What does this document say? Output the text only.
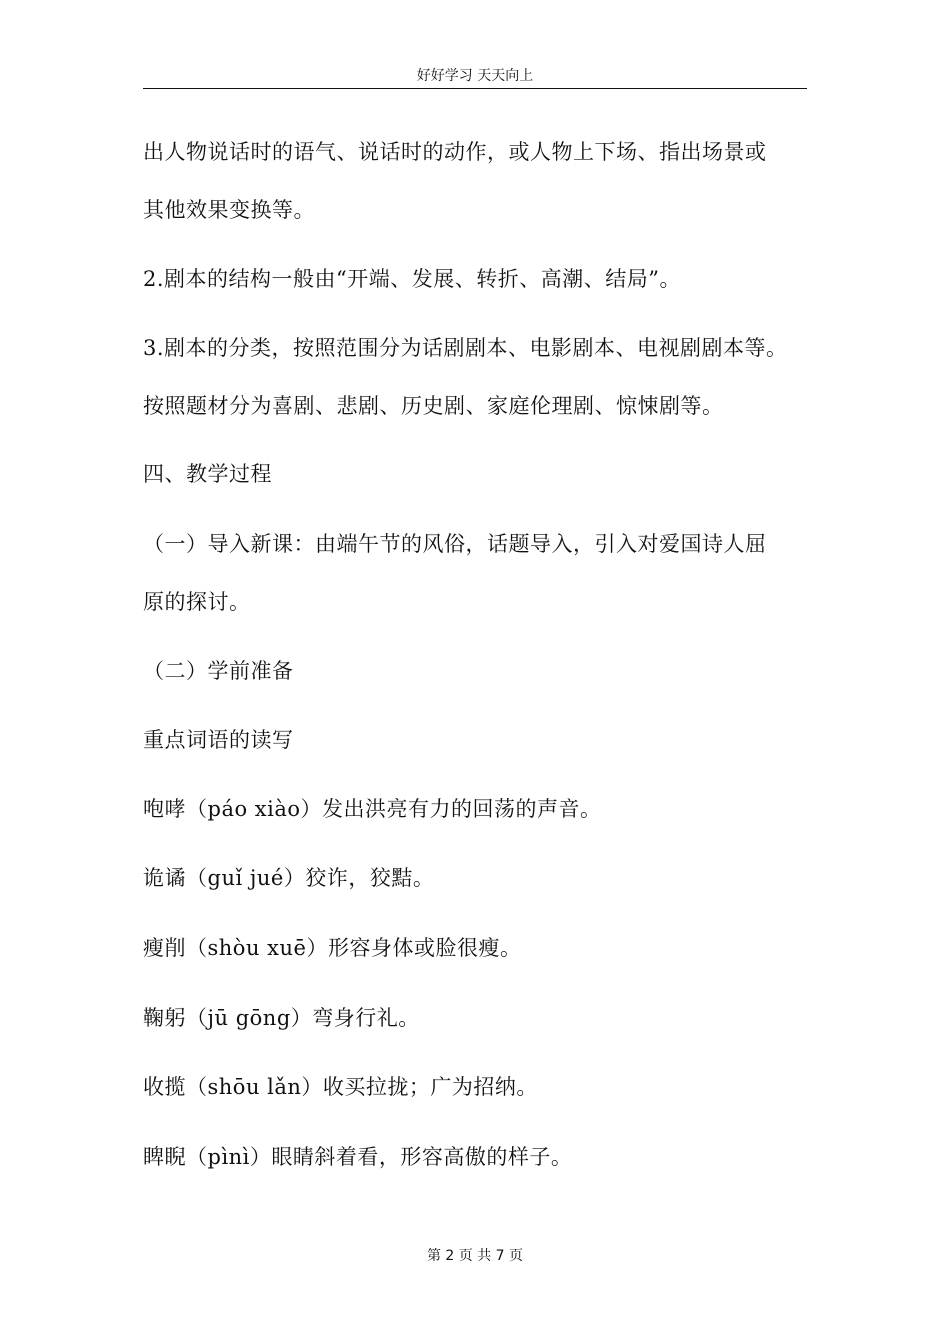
好好学习 天天向上
出人物说话时的语气、说话时的动作，或人物上下场、指出场景或
其他效果变换等。
2.剧本的结构一般由“开端、发展、转折、高潮、结局”。
3.剧本的分类，按照范围分为话剧剧本、电影剧本、电视剧剧本等。
按照题材分为喜剧、悲剧、历史剧、家庭伦理剧、惊悚剧等。
四、教学过程
（一）导入新课：由端午节的风俗，话题导入，引入对爱国诗人屈
原的探讨。
（二）学前准备
重点词语的读写
咆哮（páo xiào）发出洪亮有力的回荡的声音。
诡谲（guǐ jué）狡诈，狡黠。
瘦削（shòu xuē）形容身体或脸很瘦。
鞠躬（jū gōng）弯身行礼。
收揽（shōu lǎn）收买拉拢；广为招纳。
睥睨（pìnì）眼睛斜着看，形容高傲的样子。
第 2 页 共 7 页
